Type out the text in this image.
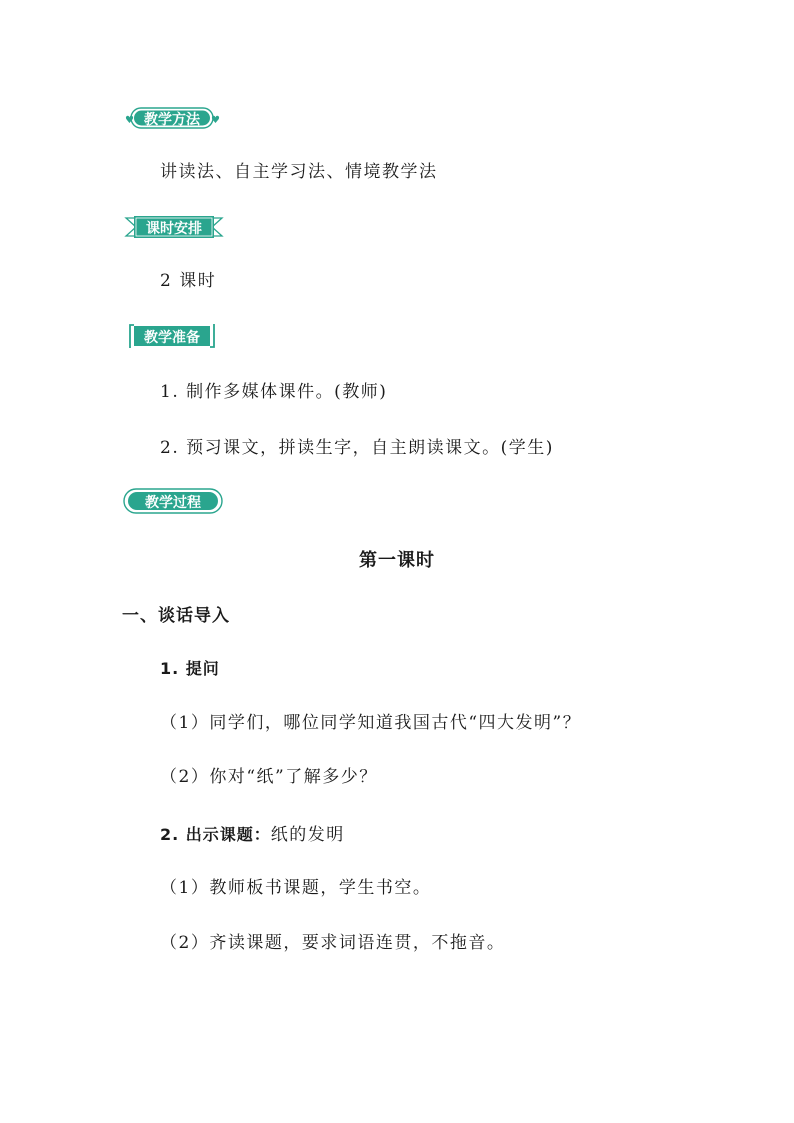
♥	♥
教学方法
讲读法、自主学习法、情境教学法
课时安排
2 课时
教学准备
1. 制作多媒体课件。(教师)
2. 预习课文，拼读生字，自主朗读课文。(学生)
教学过程
第一课时
一、谈话导入
1. 提问
（1）同学们，哪位同学知道我国古代“四大发明”？
（2）你对“纸”了解多少？
2. 出示课题：纸的发明
（1）教师板书课题，学生书空。
（2）齐读课题，要求词语连贯，不拖音。
